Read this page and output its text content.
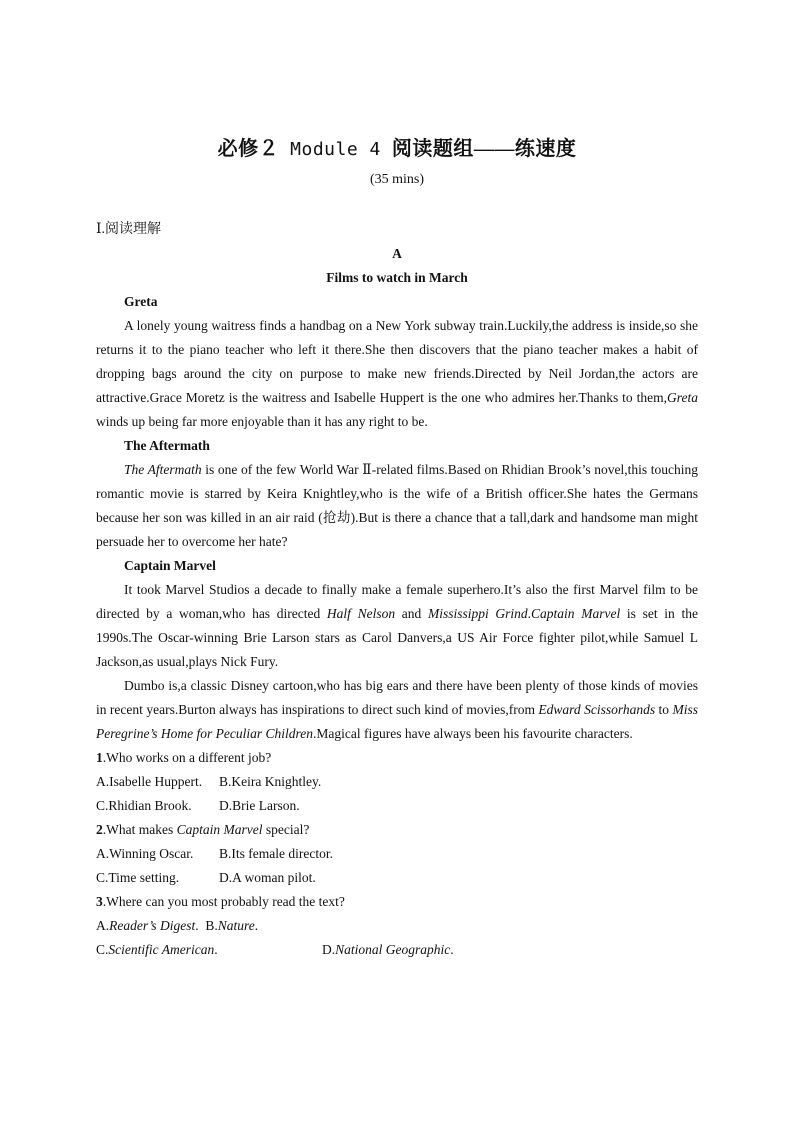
必修２ Module 4 阅读题组——练速度
(35 mins)

Ⅰ.阅读理解

A

Films to watch in March

Greta

A lonely young waitress finds a handbag on a New York subway train.Luckily,the address is inside,so she returns it to the piano teacher who left it there.She then discovers that the piano teacher makes a habit of dropping bags around the city on purpose to make new friends.Directed by Neil Jordan,the actors are attractive.Grace Moretz is the waitress and Isabelle Huppert is the one who admires her.Thanks to them,Greta winds up being far more enjoyable than it has any right to be.

The Aftermath

The Aftermath is one of the few World War Ⅱ-related films.Based on Rhidian Brook’s novel,this touching romantic movie is starred by Keira Knightley,who is the wife of a British officer.She hates the Germans because her son was killed in an air raid (抢劫).But is there a chance that a tall,dark and handsome man might persuade her to overcome her hate?

Captain Marvel

It took Marvel Studios a decade to finally make a female superhero.It’s also the first Marvel film to be directed by a woman,who has directed Half Nelson and Mississippi Grind.Captain Marvel is set in the 1990s.The Oscar-winning Brie Larson stars as Carol Danvers,a US Air Force fighter pilot,while Samuel L Jackson,as usual,plays Nick Fury.

Dumbo is,a classic Disney cartoon,who has big ears and there have been plenty of those kinds of movies in recent years.Burton always has inspirations to direct such kind of movies,from Edward Scissorhands to Miss Peregrine’s Home for Peculiar Children.Magical figures have always been his favourite characters.

1.Who works on a different job?

A.Isabelle Huppert. B.Keira Knightley.

C.Rhidian Brook. D.Brie Larson.

2.What makes Captain Marvel special?

A.Winning Oscar. B.Its female director.

C.Time setting.	D.A woman pilot.

3.Where can you most probably read the text?

A.Reader’s Digest. B.Nature.

C.Scientific American.	D.National Geographic.
